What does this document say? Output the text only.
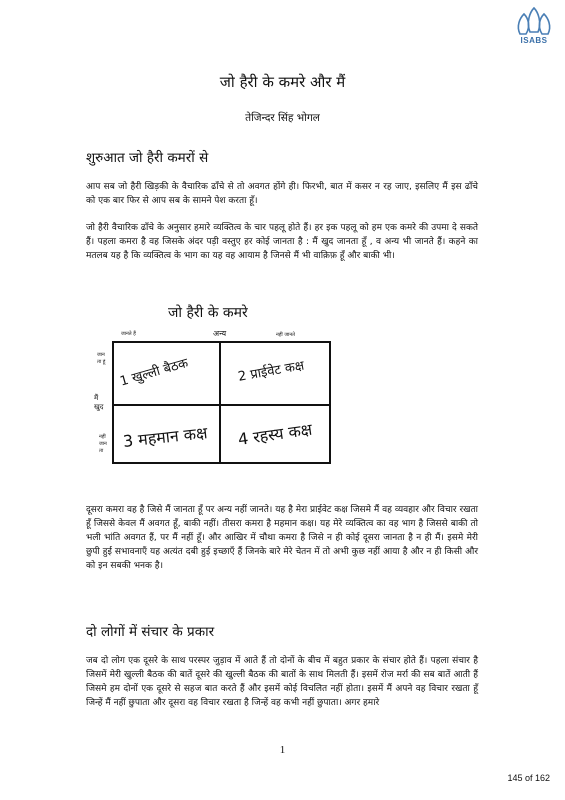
ISABS
जो हैरी के कमरे और मैं
तेजिन्दर सिंह भोगल
शुरुआत जो हैरी कमरों से

आप सब जो हैरी खिड़की के वैचारिक ढाँचे से तो अवगत होंगे ही। फिरभी, बात में कसर न रह जाए, इसलिए मैं इस ढाँचे को एक बार फिर से आप सब के सामने पेश करता हूँ।

जो हैरी वैचारिक ढाँचे के अनुसार हमारे व्यक्तित्व के चार पहलू होते हैं। हर इक पहलू को हम एक कमरे की उपमा दे सकते हैं। पहला कमरा है वह जिसके अंदर पड़ी वस्तुए हर कोई जानता है : मैं खुद जानता हूँ , व अन्य भी जानते हैं। कहने का मतलब यह है कि व्यक्तित्व के भाग का यह वह आयाम है जिनसे मैं भी वाक़िफ़ हूँ और बाकी भी।

जो हैरी के कमरे
अन्य
जानते हैं	नहीं जानते
जान
ता हूं
मैं
खुद
नहीं
जान
ता
1 खुल्ली बैठक	2 प्राईवेट कक्ष
3 महमान कक्ष 4 रहस्य कक्ष

दूसरा कमरा वह है जिसे मैं जानता हूँ पर अन्य नहीं जानते। यह है मेरा प्राईवेट कक्ष जिसमे मैं वह व्यवहार और विचार रखता हूँ जिससे केवल मैं अवगत हूँ, बाकी नहीं। तीसरा कमरा है महमान कक्ष। यह मेरे व्यक्तित्व का वह भाग है जिससे बाकी तो भली भांति अवगत हैं, पर मैं नहीं हूँ। और आखिर में चौथा कमरा है जिसे न ही कोई दूसरा जानता है न ही मैं। इसमे मेरी छुपी हुई सभावनाएँ यह अत्यंत दबी हुई इच्छाएँ हैं जिनके बारे मेरे चेतन में तो अभी कुछ नहीं आया है और न ही किसी और को इन सबकी भनक है।

दो लोगों में संचार के प्रकार

जब दो लोग एक दूसरे के साथ परस्पर जुड़ाव में आते हैं तो दोनों के बीच में बहुत प्रकार के संचार होते हैं। पहला संचार है जिसमें मेरी खुल्ली बैठक की बातें दूसरे की खुल्ली बैठक की बातों के साथ मिलती हैं। इसमें रोज मर्रा की सब बातें आती हैं जिसमे हम दोनों एक दूसरे से सहज बात करते हैं और इसमें कोई विचलित नहीं होता। इसमें मैं अपने वह विचार रखता हूँ जिन्हें मैं नहीं छुपाता और दूसरा वह विचार रखता है जिन्हें वह कभी नहीं छुपाता। अगर हमारे

1
145 of 162
